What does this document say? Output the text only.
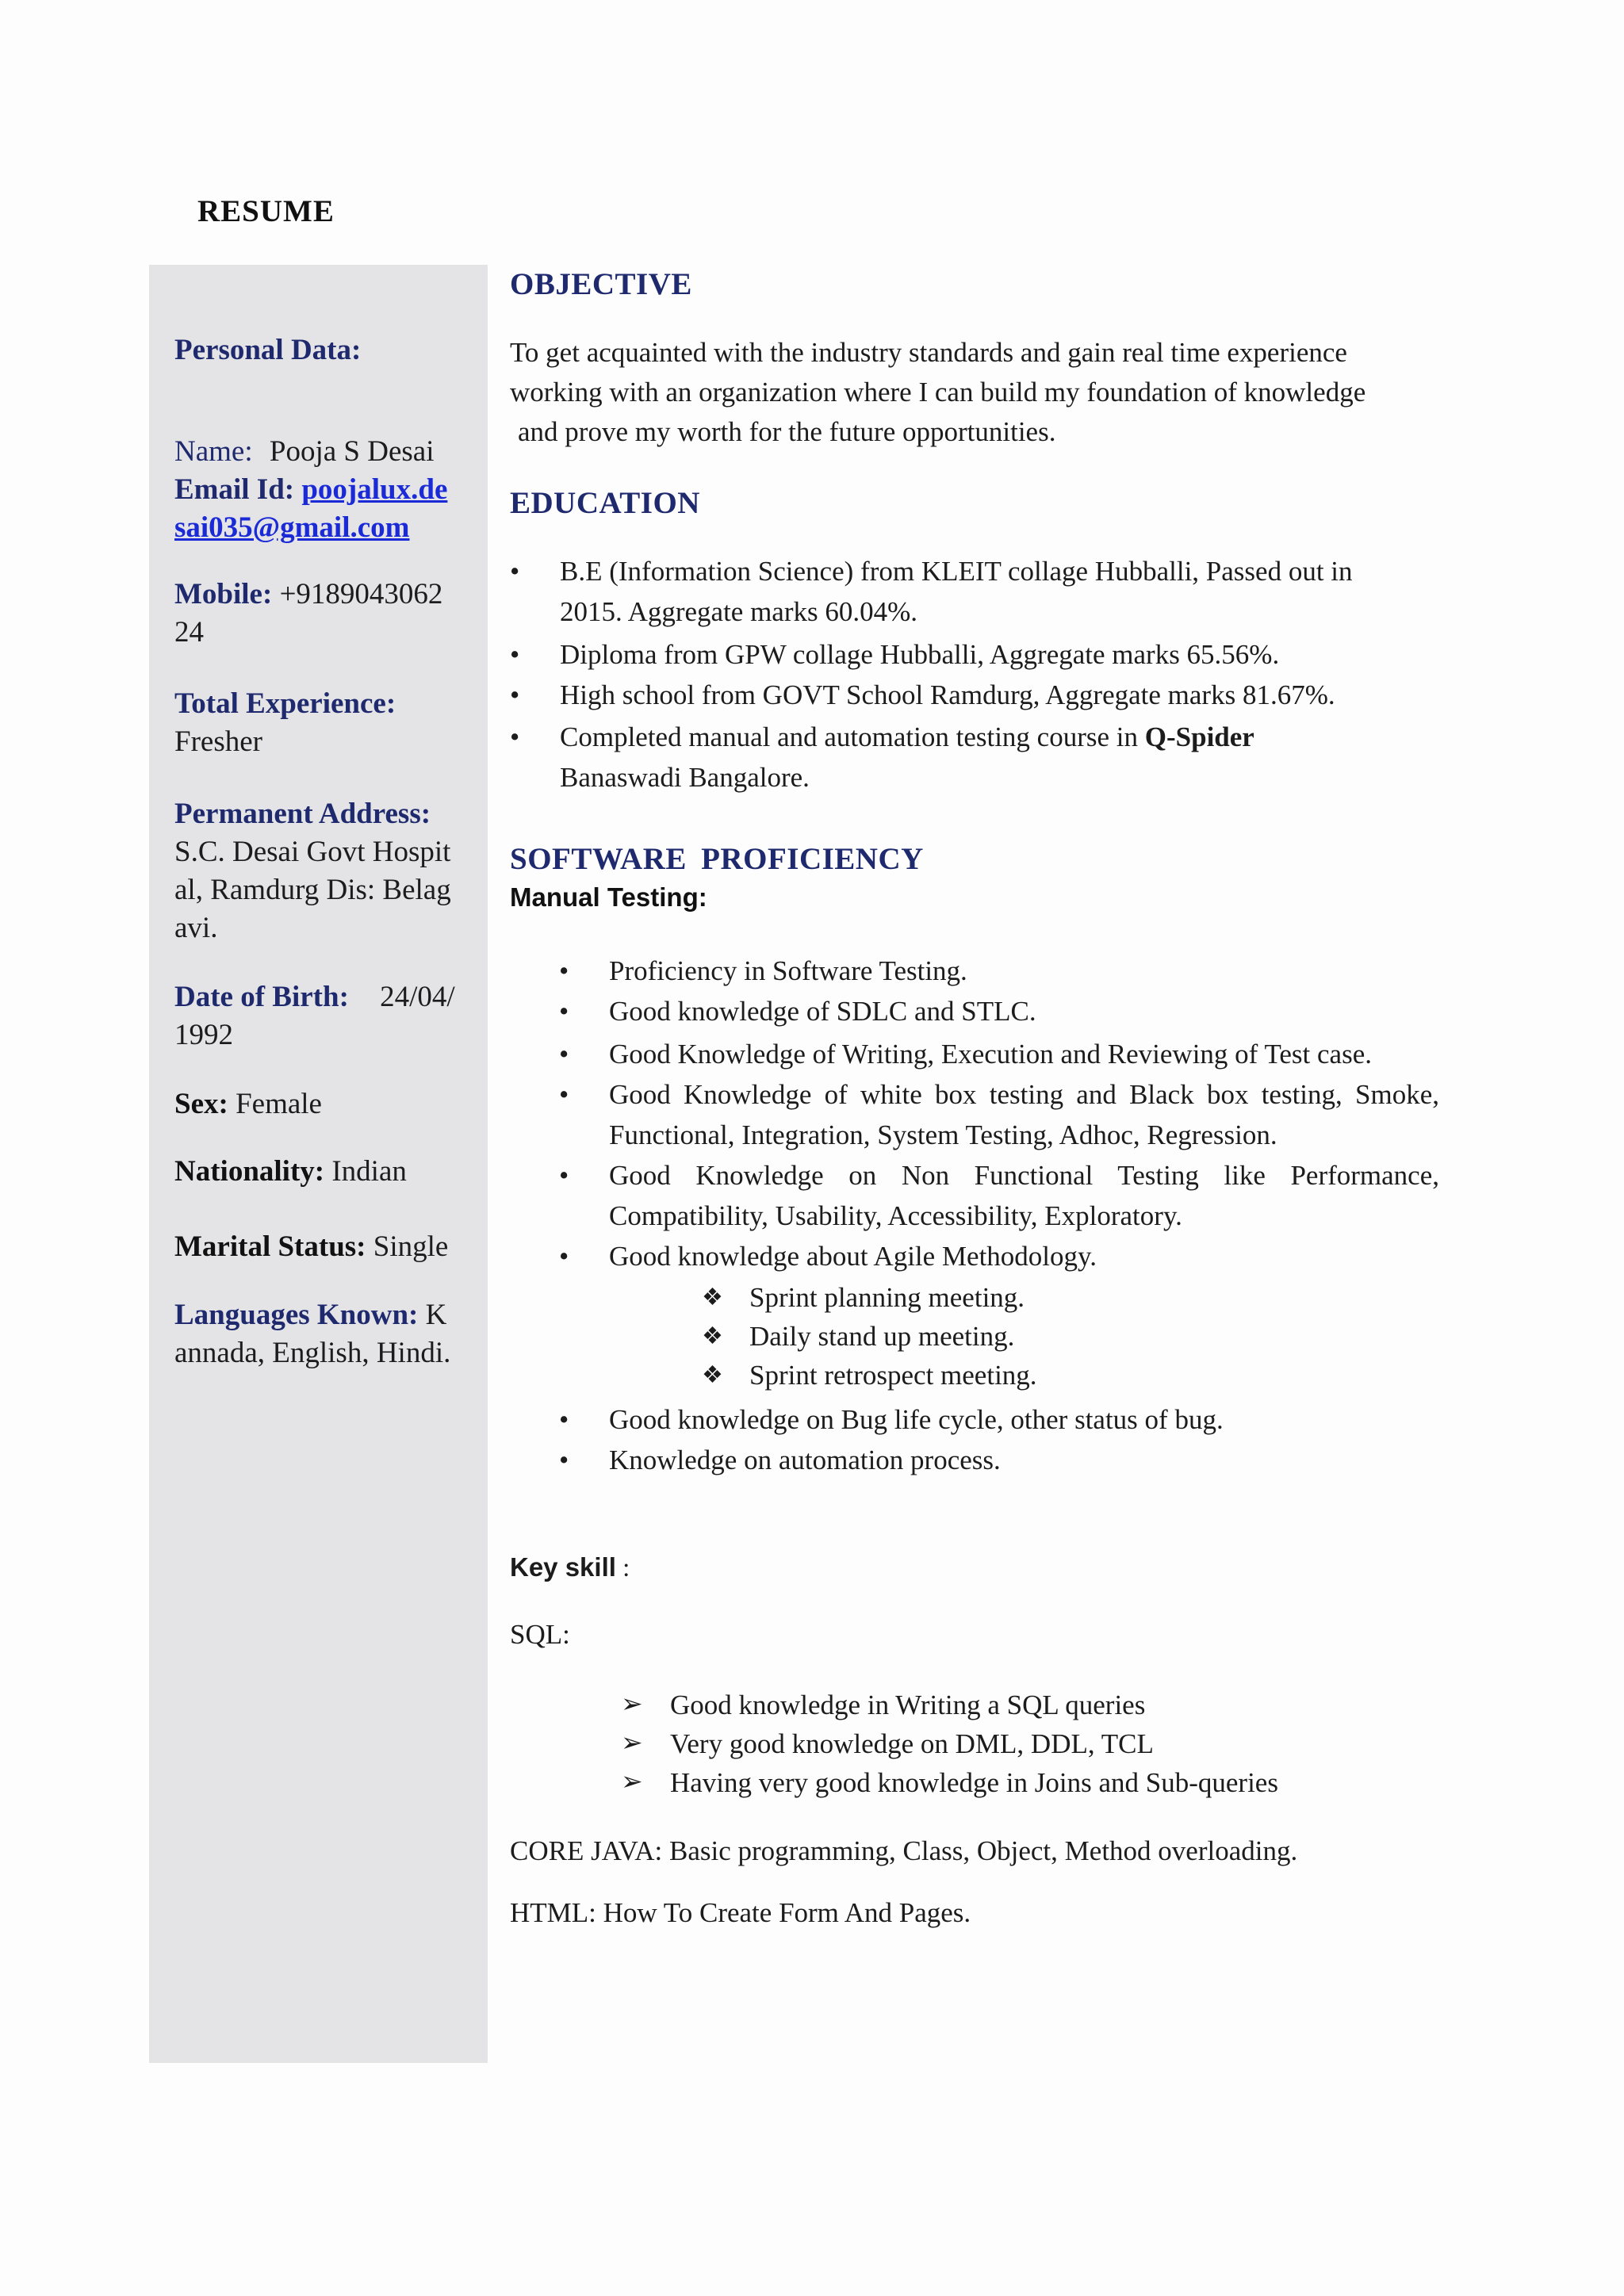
RESUME
Personal Data:
Name: Pooja S Desai
Email Id: poojalux.de
sai035@gmail.com
Mobile: +9189043062
24
Total Experience:
Fresher
Permanent Address:
S.C. Desai Govt Hospit
al, Ramdurg Dis: Belag
avi.
Date of Birth: 24/04/
1992
Sex: Female
Nationality: Indian
Marital Status: Single
Languages Known: K
annada, English, Hindi.
OBJECTIVE
To get acquainted with the industry standards and gain real time experience
working with an organization where I can build my foundation of knowledge
and prove my worth for the future opportunities.
EDUCATION
• B.E (Information Science) from KLEIT collage Hubballi, Passed out in
2015. Aggregate marks 60.04%.
• Diploma from GPW collage Hubballi, Aggregate marks 65.56%.
• High school from GOVT School Ramdurg, Aggregate marks 81.67%.
• Completed manual and automation testing course in Q-Spider
Banaswadi Bangalore.
SOFTWARE PROFICIENCY
Manual Testing:
• Proficiency in Software Testing.
• Good knowledge of SDLC and STLC.
• Good Knowledge of Writing, Execution and Reviewing of Test case.
• Good Knowledge of white box testing and Black box testing, Smoke, Functional, Integration, System Testing, Adhoc, Regression.
• Good Knowledge on Non Functional Testing like Performance, Compatibility, Usability, Accessibility, Exploratory.
• Good knowledge about Agile Methodology.
❖ Sprint planning meeting.
❖ Daily stand up meeting.
❖ Sprint retrospect meeting.
• Good knowledge on Bug life cycle, other status of bug.
• Knowledge on automation process.
Key skill :
SQL:
➢ Good knowledge in Writing a SQL queries
➢ Very good knowledge on DML, DDL, TCL
➢ Having very good knowledge in Joins and Sub-queries
CORE JAVA: Basic programming, Class, Object, Method overloading.
HTML: How To Create Form And Pages.
